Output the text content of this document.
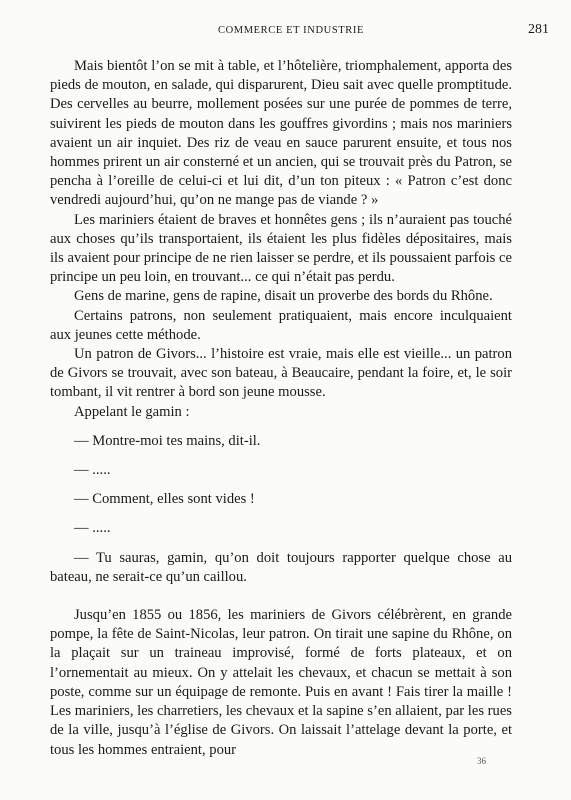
COMMERCE ET INDUSTRIE	281

Mais bientôt l’on se mit à table, et l’hôtelière, triomphalement, apporta des pieds de mouton, en salade, qui disparurent, Dieu sait avec quelle promptitude. Des cervelles au beurre, mollement posées sur une purée de pommes de terre, suivirent les pieds de mouton dans les gouffres givordins ; mais nos mariniers avaient un air inquiet. Des riz de veau en sauce parurent ensuite, et tous nos hommes prirent un air consterné et un ancien, qui se trouvait près du Patron, se pencha à l’oreille de celui-ci et lui dit, d’un ton piteux : « Patron c’est donc vendredi aujourd’hui, qu’on ne mange pas de viande ? »

Les mariniers étaient de braves et honnêtes gens ; ils n’auraient pas touché aux choses qu’ils transportaient, ils étaient les plus fidèles dépositaires, mais ils avaient pour principe de ne rien laisser se perdre, et ils poussaient parfois ce principe un peu loin, en trouvant... ce qui n’était pas perdu.

Gens de marine, gens de rapine, disait un proverbe des bords du Rhône.

Certains patrons, non seulement pratiquaient, mais encore inculquaient aux jeunes cette méthode.

Un patron de Givors... l’histoire est vraie, mais elle est vieille... un patron de Givors se trouvait, avec son bateau, à Beaucaire, pendant la foire, et, le soir tombant, il vit rentrer à bord son jeune mousse.

Appelant le gamin :

— Montre-moi tes mains, dit-il.

— .....

— Comment, elles sont vides !

— .....

— Tu sauras, gamin, qu’on doit toujours rapporter quelque chose au bateau, ne serait-ce qu’un caillou.

Jusqu’en 1855 ou 1856, les mariniers de Givors célébrèrent, en grande pompe, la fête de Saint-Nicolas, leur patron. On tirait une sapine du Rhône, on la plaçait sur un traineau improvisé, formé de forts plateaux, et on l’ornementait au mieux. On y attelait les chevaux, et chacun se mettait à son poste, comme sur un équipage de remonte. Puis en avant ! Fais tirer la maille ! Les mariniers, les charretiers, les chevaux et la sapine s’en allaient, par les rues de la ville, jusqu’à l’église de Givors. On laissait l’attelage devant la porte, et tous les hommes entraient, pour

36
